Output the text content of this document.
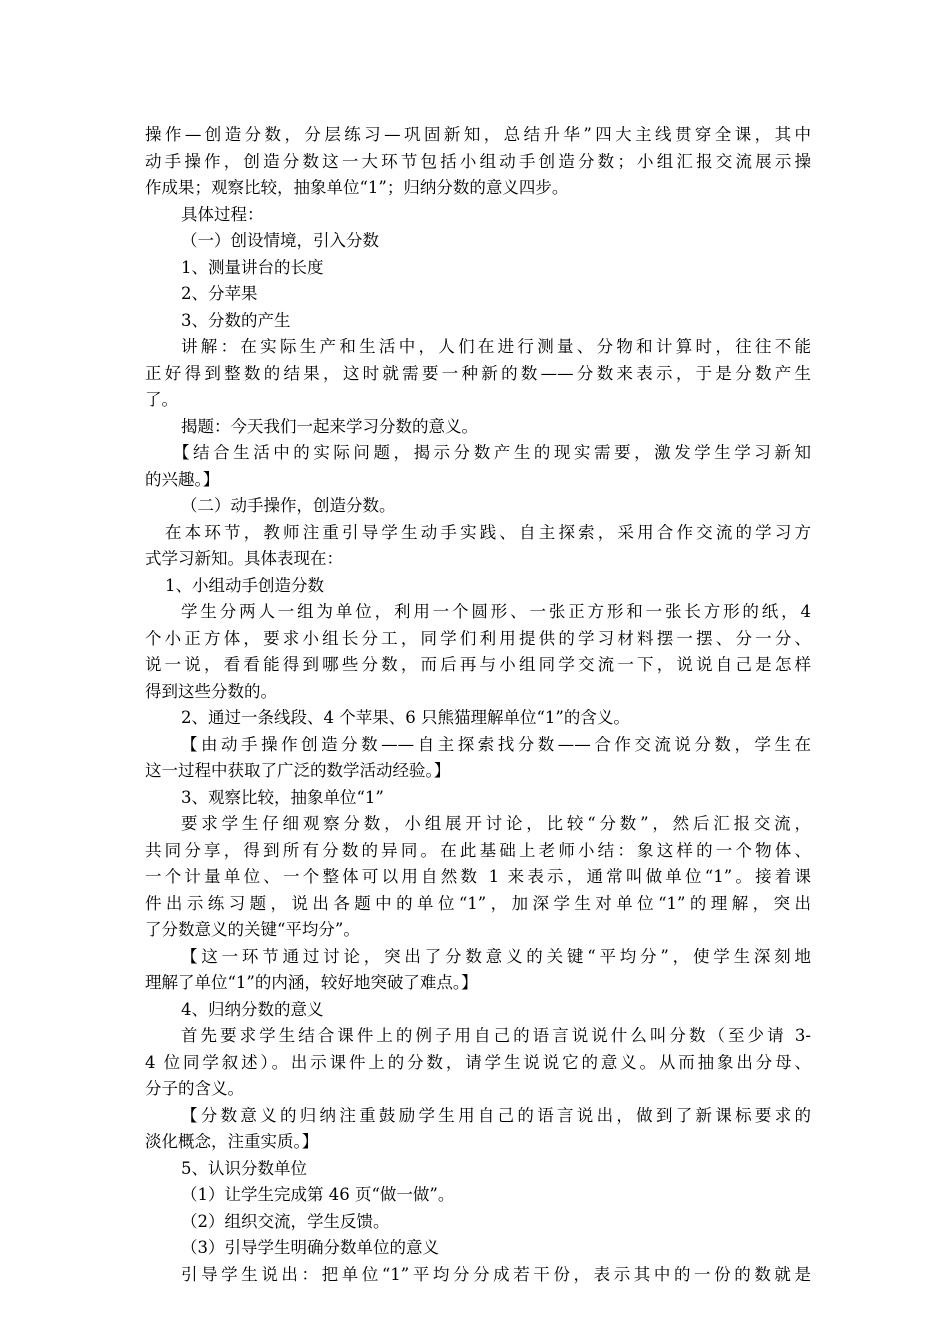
操作—创造分数，分层练习—巩固新知，总结升华”四大主线贯穿全课，其中
动手操作，创造分数这一大环节包括小组动手创造分数；小组汇报交流展示操
作成果；观察比较，抽象单位“1”；归纳分数的意义四步。
具体过程：
（一）创设情境，引入分数
1、测量讲台的长度
2、分苹果
3、分数的产生
讲解：在实际生产和生活中，人们在进行测量、分物和计算时，往往不能
正好得到整数的结果，这时就需要一种新的数——分数来表示，于是分数产生
了。
揭题：今天我们一起来学习分数的意义。
【结合生活中的实际问题，揭示分数产生的现实需要，激发学生学习新知
的兴趣。】
（二）动手操作，创造分数。
在本环节，教师注重引导学生动手实践、自主探索，采用合作交流的学习方
式学习新知。具体表现在：
1、小组动手创造分数
学生分两人一组为单位，利用一个圆形、一张正方形和一张长方形的纸，4
个小正方体，要求小组长分工，同学们利用提供的学习材料摆一摆、分一分、
说一说，看看能得到哪些分数，而后再与小组同学交流一下，说说自己是怎样
得到这些分数的。
2、通过一条线段、4 个苹果、6 只熊猫理解单位“1”的含义。
【由动手操作创造分数——自主探索找分数——合作交流说分数，学生在
这一过程中获取了广泛的数学活动经验。】
3、观察比较，抽象单位“1”
要求学生仔细观察分数，小组展开讨论，比较“分数”，然后汇报交流，
共同分享，得到所有分数的异同。在此基础上老师小结：象这样的一个物体、
一个计量单位、一个整体可以用自然数 1 来表示，通常叫做单位“1”。接着课
件出示练习题，说出各题中的单位“1”，加深学生对单位“1”的理解，突出
了分数意义的关键“平均分”。
【这一环节通过讨论，突出了分数意义的关键“平均分”，使学生深刻地
理解了单位“1”的内涵，较好地突破了难点。】
4、归纳分数的意义
首先要求学生结合课件上的例子用自己的语言说说什么叫分数（至少请 3-
4 位同学叙述）。出示课件上的分数，请学生说说它的意义。从而抽象出分母、
分子的含义。
【分数意义的归纳注重鼓励学生用自己的语言说出，做到了新课标要求的
淡化概念，注重实质。】
5、认识分数单位
（1）让学生完成第 46 页“做一做”。
（2）组织交流，学生反馈。
（3）引导学生明确分数单位的意义
引导学生说出：把单位“1”平均分分成若干份，表示其中的一份的数就是
